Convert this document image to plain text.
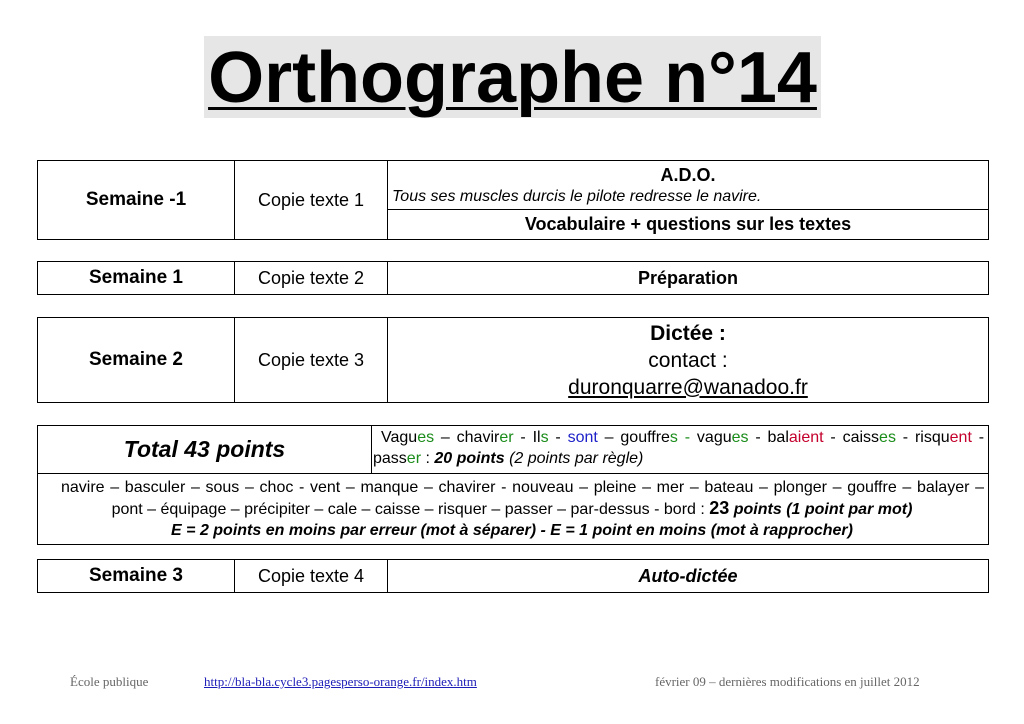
Orthographe n°14
Semaine -1	Copie texte 1	
A.D.O.
Tous ses muscles durcis le pilote redresse le navire.

Vocabulaire + questions sur les textes
Semaine 1	Copie texte 2	Préparation
Semaine 2	Copie texte 3	
Dictée :
contact :
duronquarre@wanadoo.fr
Total 43 points	Vagues – chavirer - Ils - sont – gouffres - vagues - balaient - caisses - risquent - passer : 20 points (2 points par règle)

navire – basculer – sous – choc - vent – manque – chavirer - nouveau – pleine – mer – bateau – plonger – gouffre – balayer – pont – équipage – précipiter – cale – caisse – risquer – passer – par-dessus - bord : 23 points (1 point par mot)
E = 2 points en moins par erreur (mot à séparer) - E = 1 point en moins (mot à rapprocher)
Semaine 3	Copie texte 4	Auto-dictée
École publique	http://bla-bla.cycle3.pagesperso-orange.fr/index.htm	février 09 – dernières modifications en juillet 2012
